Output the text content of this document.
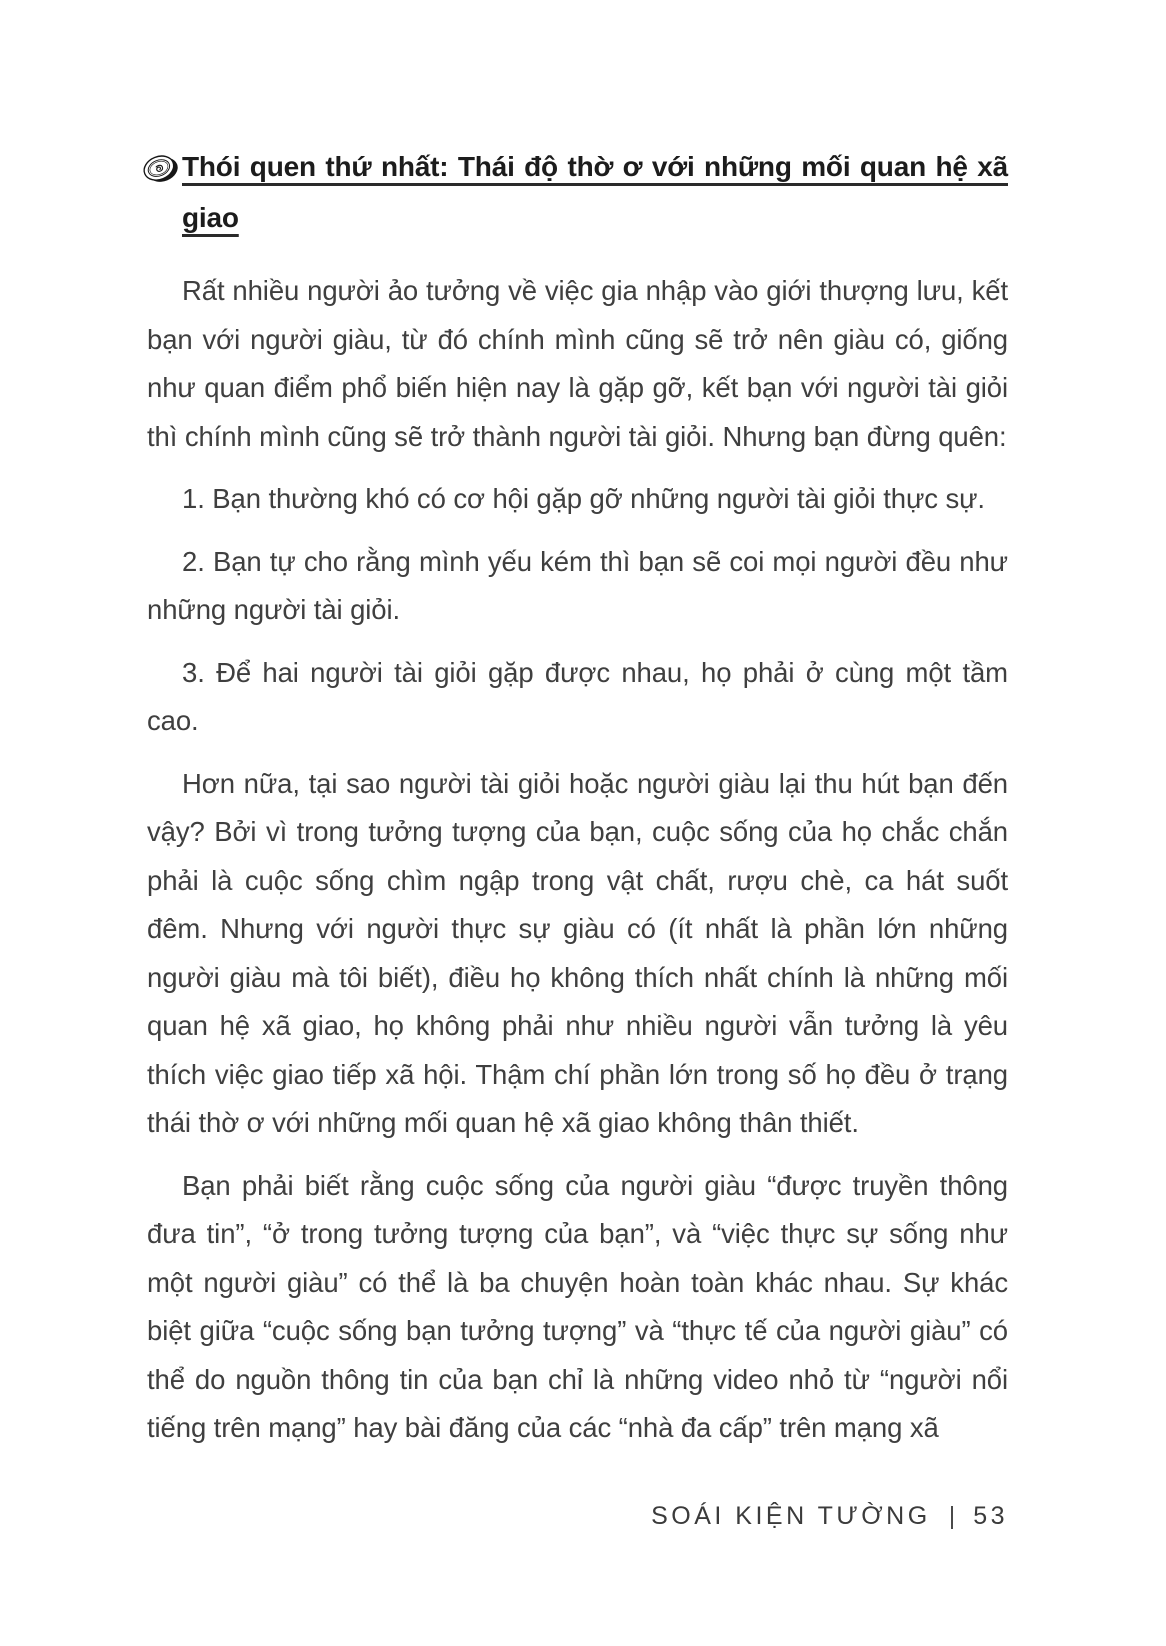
Thói quen thứ nhất: Thái độ thờ ơ với những mối quan hệ xã giao

Rất nhiều người ảo tưởng về việc gia nhập vào giới thượng lưu, kết bạn với người giàu, từ đó chính mình cũng sẽ trở nên giàu có, giống như quan điểm phổ biến hiện nay là gặp gỡ, kết bạn với người tài giỏi thì chính mình cũng sẽ trở thành người tài giỏi. Nhưng bạn đừng quên:

1. Bạn thường khó có cơ hội gặp gỡ những người tài giỏi thực sự.

2. Bạn tự cho rằng mình yếu kém thì bạn sẽ coi mọi người đều như những người tài giỏi.

3. Để hai người tài giỏi gặp được nhau, họ phải ở cùng một tầm cao.

Hơn nữa, tại sao người tài giỏi hoặc người giàu lại thu hút bạn đến vậy? Bởi vì trong tưởng tượng của bạn, cuộc sống của họ chắc chắn phải là cuộc sống chìm ngập trong vật chất, rượu chè, ca hát suốt đêm. Nhưng với người thực sự giàu có (ít nhất là phần lớn những người giàu mà tôi biết), điều họ không thích nhất chính là những mối quan hệ xã giao, họ không phải như nhiều người vẫn tưởng là yêu thích việc giao tiếp xã hội. Thậm chí phần lớn trong số họ đều ở trạng thái thờ ơ với những mối quan hệ xã giao không thân thiết.

Bạn phải biết rằng cuộc sống của người giàu “được truyền thông đưa tin”, “ở trong tưởng tượng của bạn”, và “việc thực sự sống như một người giàu” có thể là ba chuyện hoàn toàn khác nhau. Sự khác biệt giữa “cuộc sống bạn tưởng tượng” và “thực tế của người giàu” có thể do nguồn thông tin của bạn chỉ là những video nhỏ từ “người nổi tiếng trên mạng” hay bài đăng của các “nhà đa cấp” trên mạng xã

SOÁI KIỆN TƯỜNG | 53
